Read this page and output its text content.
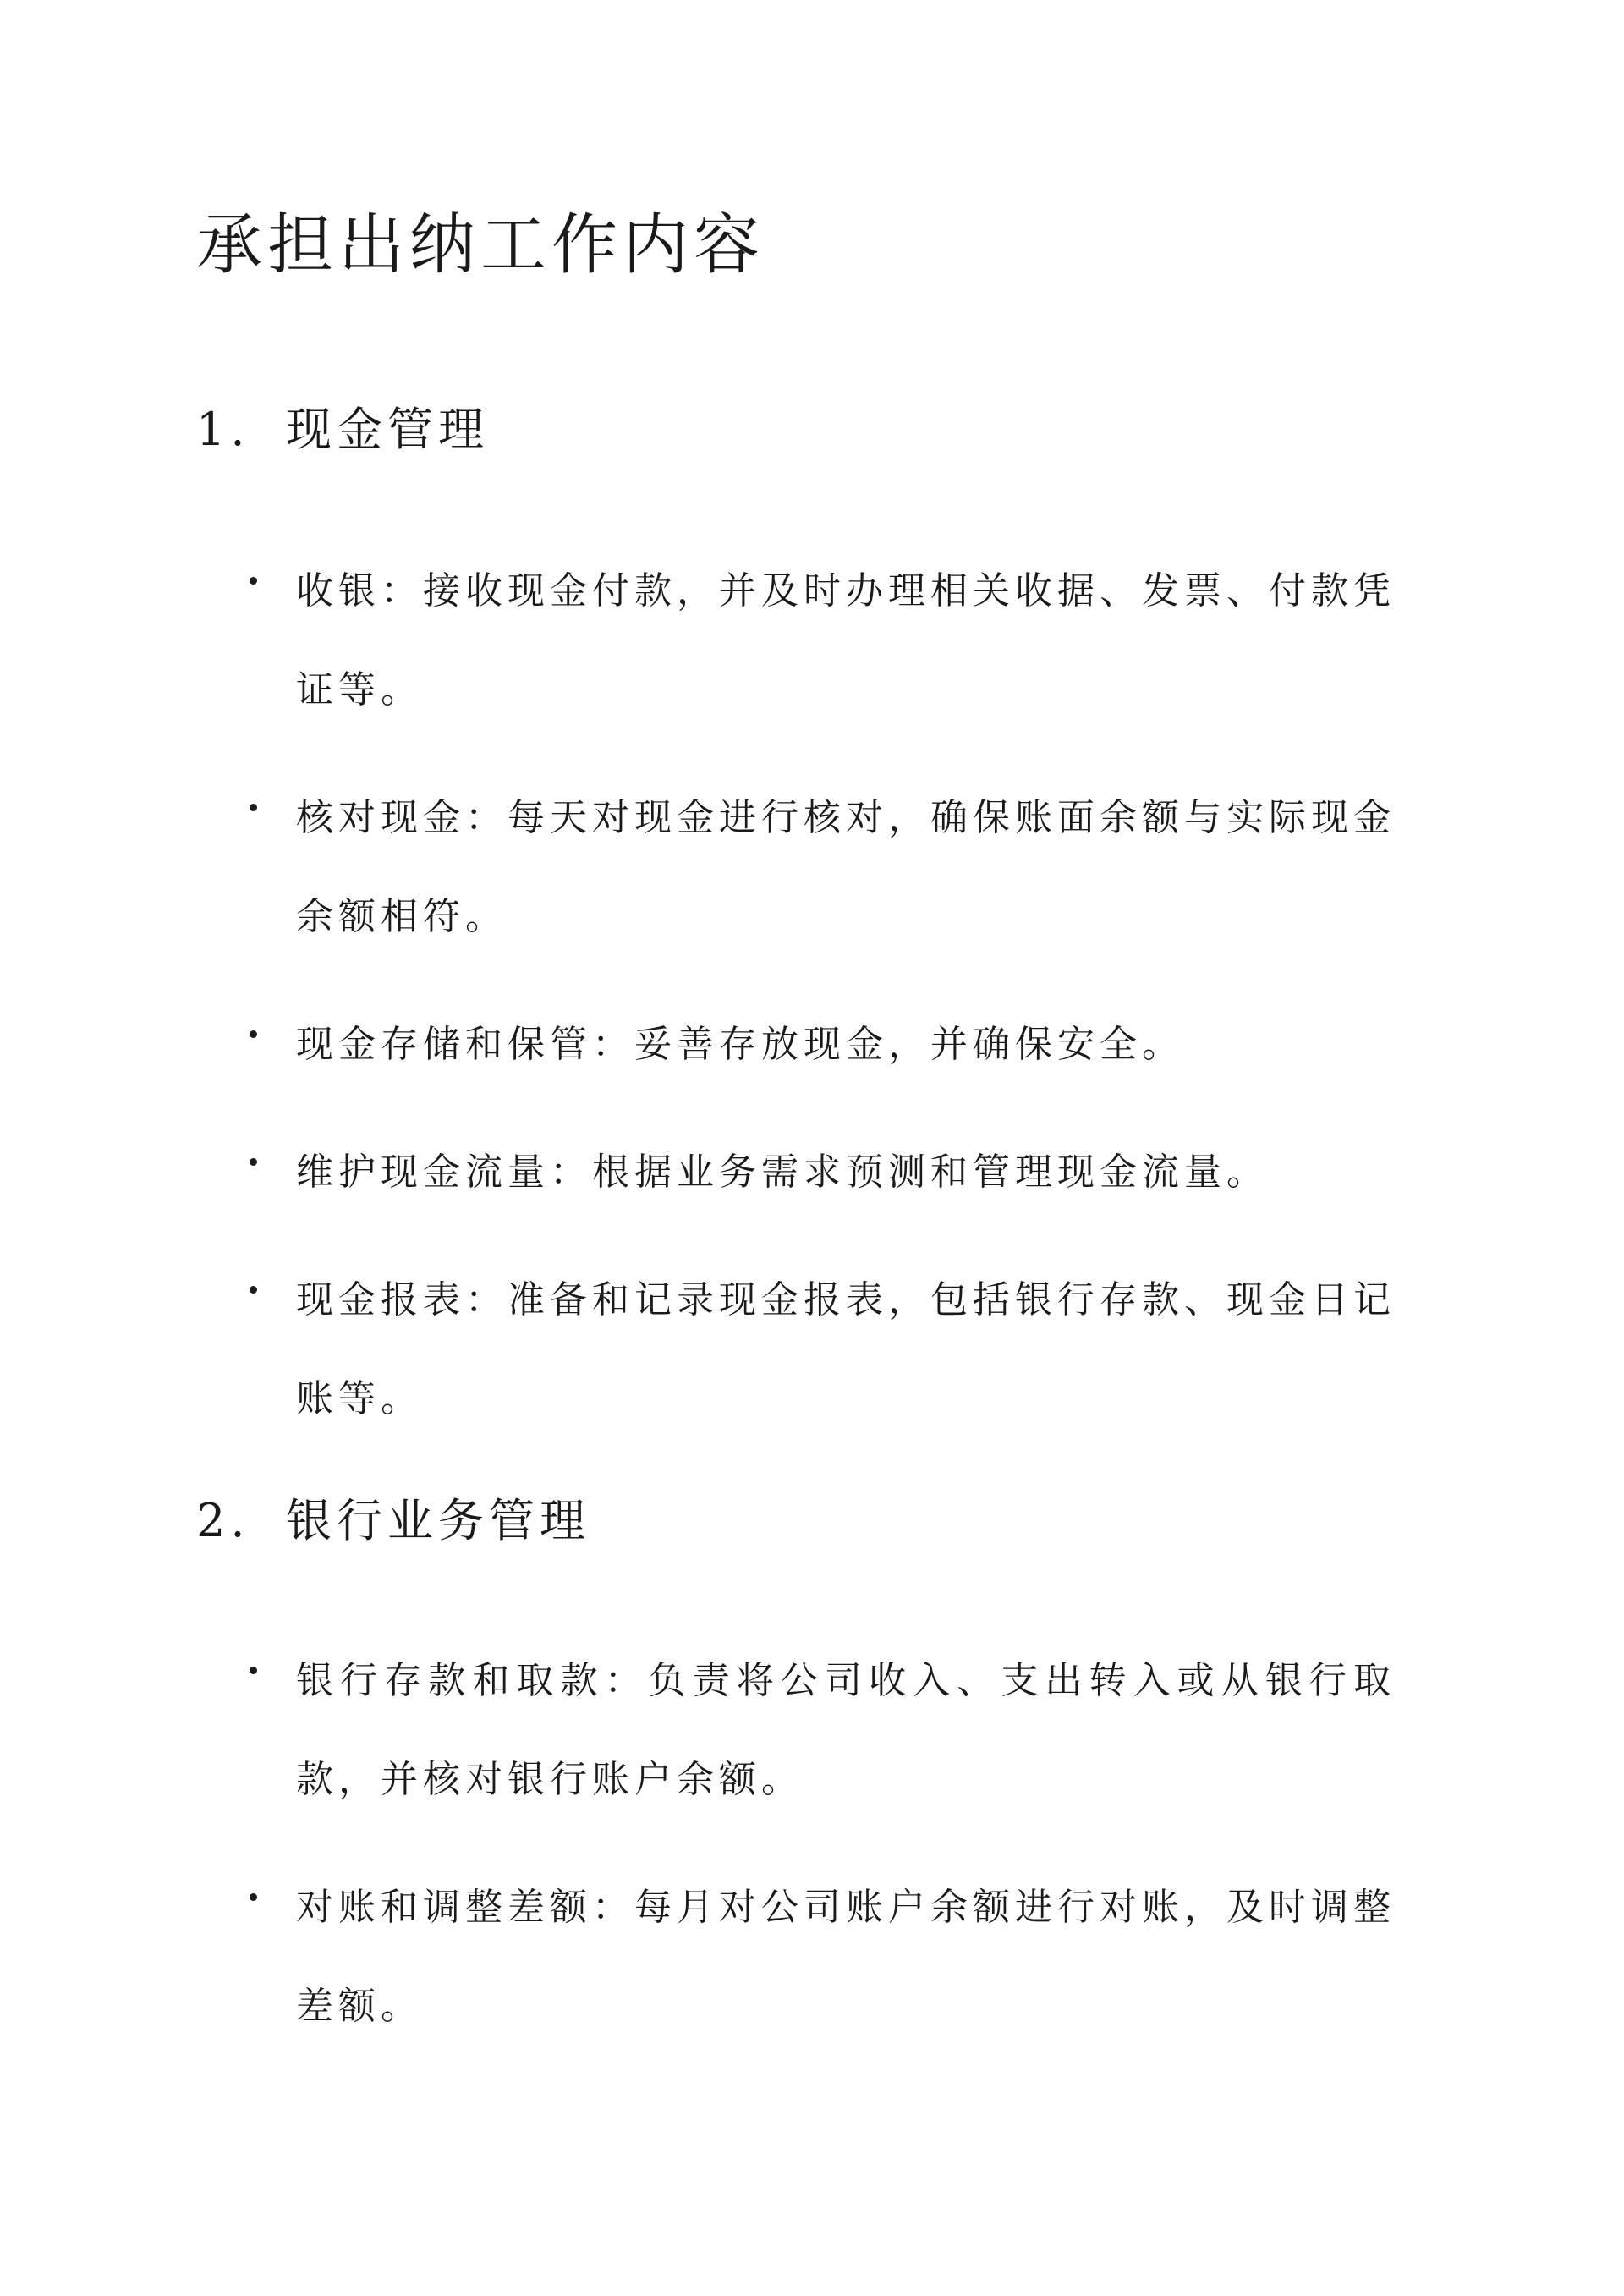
承担出纳工作内容
1. 现金管理
收银：接收现金付款，并及时办理相关收据、发票、付款凭证等。
核对现金：每天对现金进行核对，确保账面余额与实际现金余额相符。
现金存储和保管：妥善存放现金，并确保安全。
维护现金流量：根据业务需求预测和管理现金流量。
现金报表：准备和记录现金报表，包括银行存款、现金日记账等。
2. 银行业务管理
银行存款和取款：负责将公司收入、支出转入或从银行取款，并核对银行账户余额。
对账和调整差额：每月对公司账户余额进行对账，及时调整差额。
